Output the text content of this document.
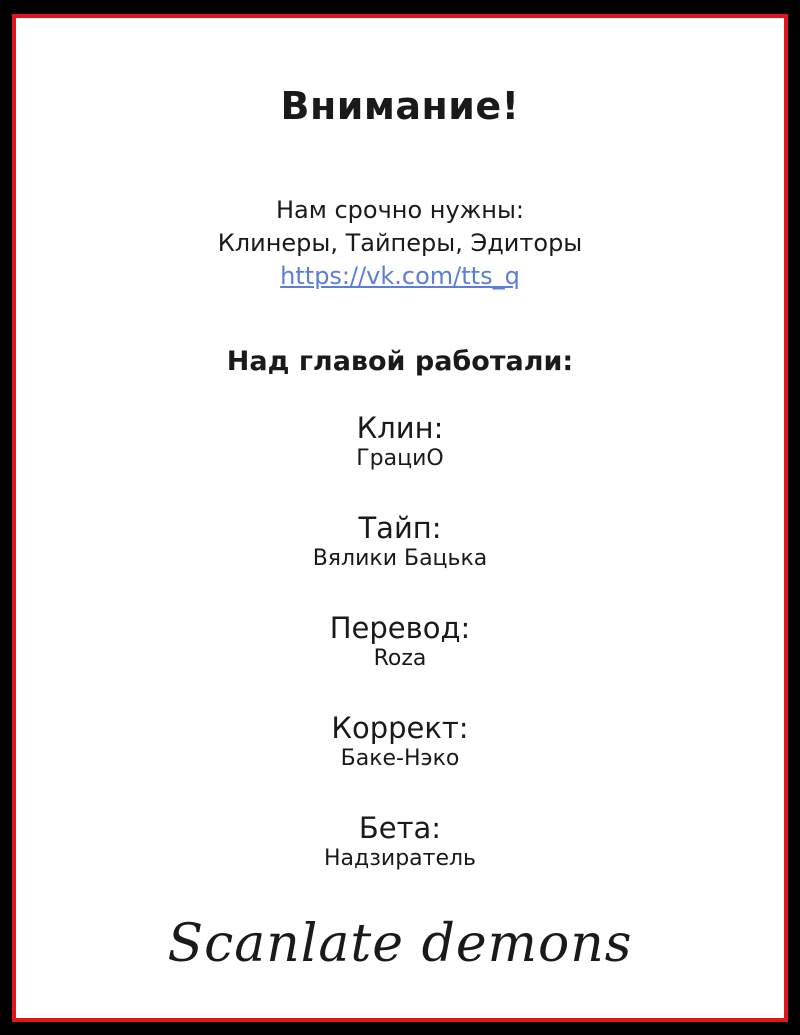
Внимание!
Нам срочно нужны:
Клинеры, Тайперы, Эдиторы
https://vk.com/tts_q
Над главой работали:
Клин:
ГрациО
Тайп:
Вялики Бацька
Перевод:
Roza
Коррект:
Баке-Нэко
Бета:
Надзиратель
Scanlate demons
